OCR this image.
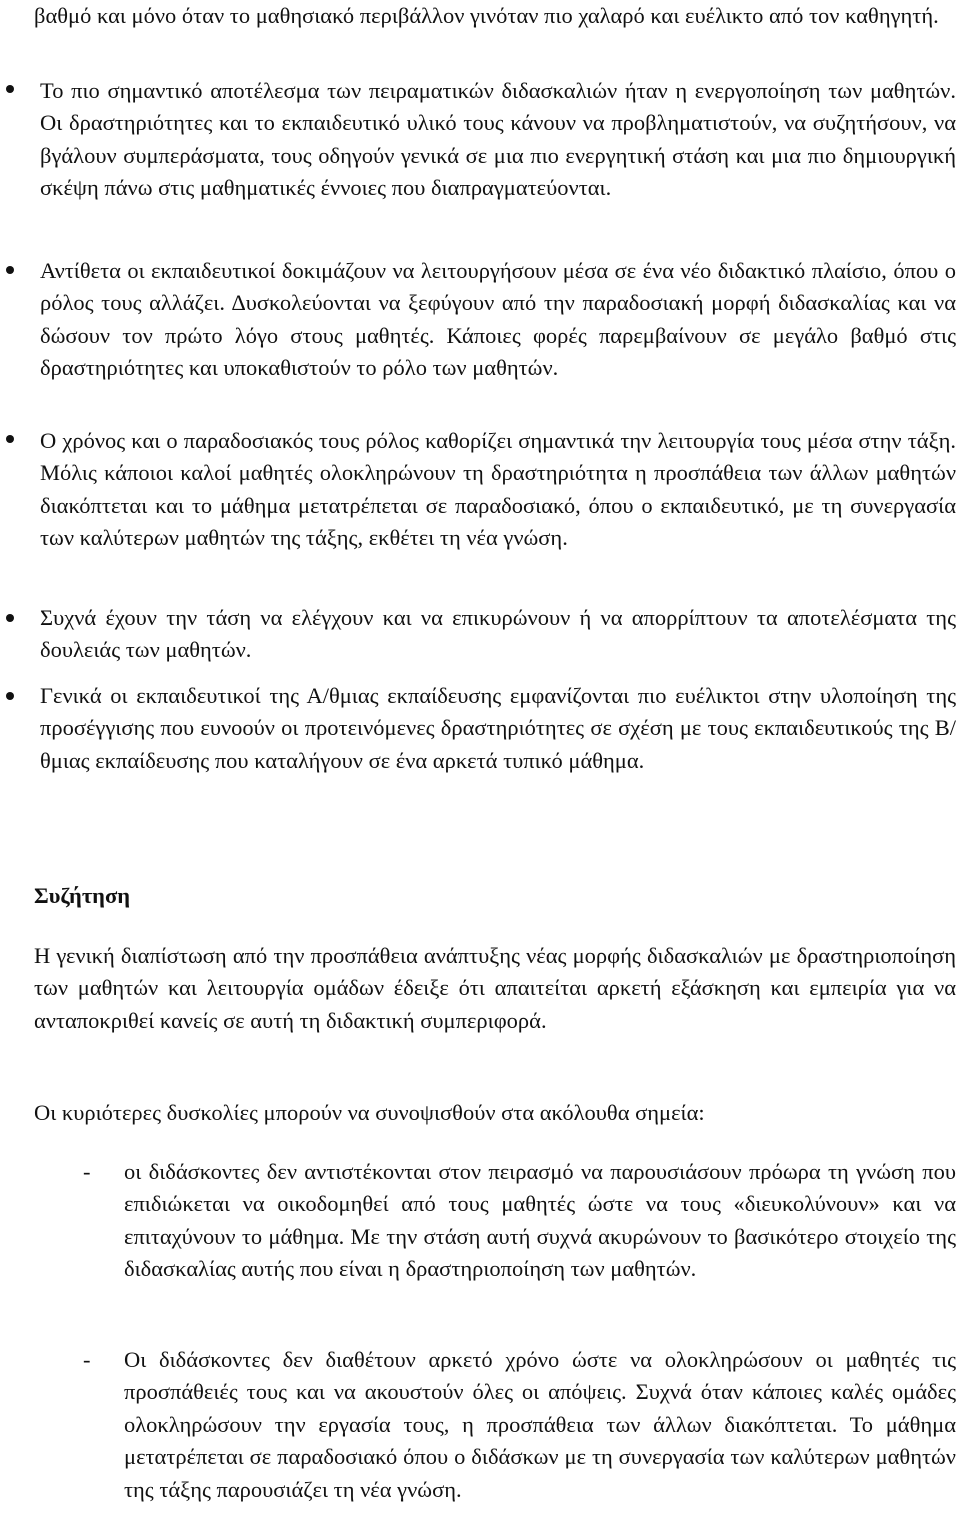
βαθμό και μόνο όταν το μαθησιακό περιβάλλον γινόταν πιο χαλαρό και ευέλικτο από τον καθηγητή.

Το πιο σημαντικό αποτέλεσμα των πειραματικών διδασκαλιών ήταν η ενεργοποίηση των μαθητών. Οι δραστηριότητες και το εκπαιδευτικό υλικό τους κάνουν να προβληματιστούν, να συζητήσουν, να βγάλουν συμπεράσματα, τους οδηγούν γενικά σε μια πιο ενεργητική στάση και μια πιο δημιουργική σκέψη πάνω στις μαθηματικές έννοιες που διαπραγματεύονται.

Αντίθετα οι εκπαιδευτικοί δοκιμάζουν να λειτουργήσουν μέσα σε ένα νέο διδακτικό πλαίσιο, όπου ο ρόλος τους αλλάζει. Δυσκολεύονται να ξεφύγουν από την παραδοσιακή μορφή διδασκαλίας και να δώσουν τον πρώτο λόγο στους μαθητές. Κάποιες φορές παρεμβαίνουν σε μεγάλο βαθμό στις δραστηριότητες και υποκαθιστούν το ρόλο των μαθητών.

Ο χρόνος και ο παραδοσιακός τους ρόλος καθορίζει σημαντικά την λειτουργία τους μέσα στην τάξη. Μόλις κάποιοι καλοί μαθητές ολοκληρώνουν τη δραστηριότητα η προσπάθεια των άλλων μαθητών διακόπτεται και το μάθημα μετατρέπεται σε παραδοσιακό, όπου ο εκπαιδευτικό, με τη συνεργασία των καλύτερων μαθητών της τάξης, εκθέτει τη νέα γνώση.

Συχνά έχουν την τάση να ελέγχουν και να επικυρώνουν ή να απορρίπτουν τα αποτελέσματα της δουλειάς των μαθητών.

Γενικά οι εκπαιδευτικοί της Α/θμιας εκπαίδευσης εμφανίζονται πιο ευέλικτοι στην υλοποίηση της προσέγγισης που ευνοούν οι προτεινόμενες δραστηριότητες σε σχέση με τους εκπαιδευτικούς της Β/θμιας εκπαίδευσης που καταλήγουν σε ένα αρκετά τυπικό μάθημα.

Συζήτηση

Η γενική διαπίστωση από την προσπάθεια ανάπτυξης νέας μορφής διδασκαλιών με δραστηριοποίηση των μαθητών και λειτουργία ομάδων έδειξε ότι απαιτείται αρκετή εξάσκηση και εμπειρία για να ανταποκριθεί κανείς σε αυτή τη διδακτική συμπεριφορά.

Οι κυριότερες δυσκολίες μπορούν να συνοψισθούν στα ακόλουθα σημεία:

- οι διδάσκοντες δεν αντιστέκονται στον πειρασμό να παρουσιάσουν πρόωρα τη γνώση που επιδιώκεται να οικοδομηθεί από τους μαθητές ώστε να τους «διευκολύνουν» και να επιταχύνουν το μάθημα. Με την στάση αυτή συχνά ακυρώνουν το βασικότερο στοιχείο της διδασκαλίας αυτής που είναι η δραστηριοποίηση των μαθητών.

- Οι διδάσκοντες δεν διαθέτουν αρκετό χρόνο ώστε να ολοκληρώσουν οι μαθητές τις προσπάθειές τους και να ακουστούν όλες οι απόψεις. Συχνά όταν κάποιες καλές ομάδες ολοκληρώσουν την εργασία τους, η προσπάθεια των άλλων διακόπτεται. Το μάθημα μετατρέπεται σε παραδοσιακό όπου ο διδάσκων με τη συνεργασία των καλύτερων μαθητών της τάξης παρουσιάζει τη νέα γνώση.
